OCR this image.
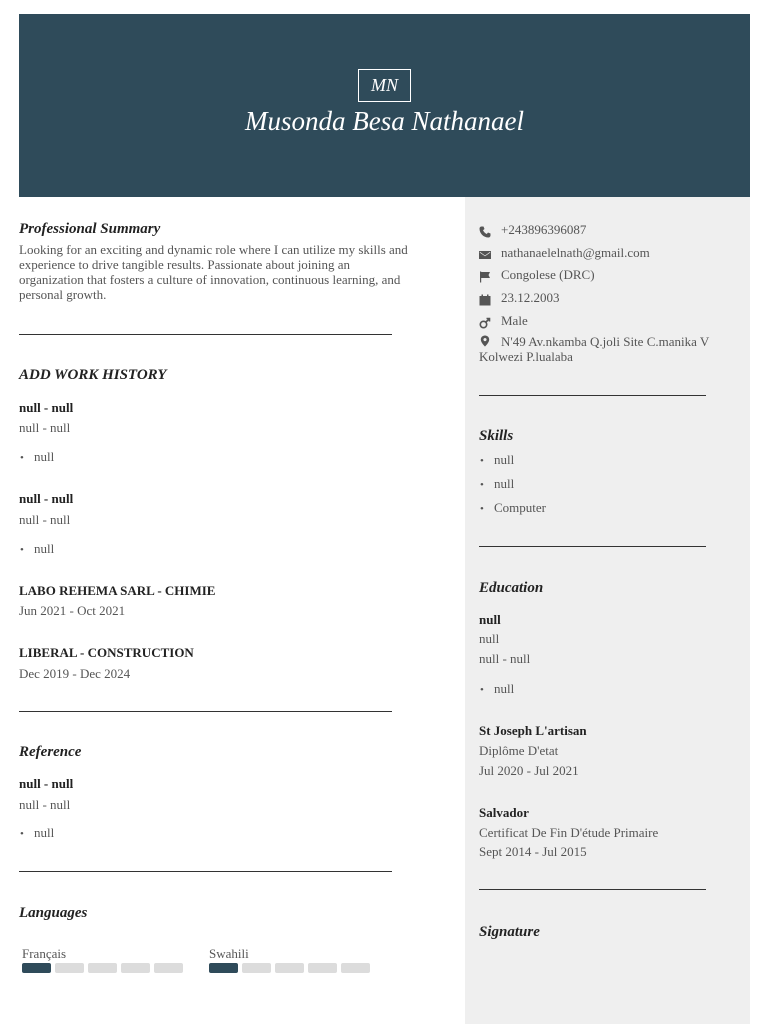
MN
Musonda Besa Nathanael
Professional Summary
Looking for an exciting and dynamic role where I can utilize my skills and experience to drive tangible results. Passionate about joining an organization that fosters a culture of innovation, continuous learning, and personal growth.
ADD WORK HISTORY
null - null
null - null
• null
null - null
null - null
• null
LABO REHEMA SARL - CHIMIE
Jun 2021 - Oct 2021
LIBERAL - CONSTRUCTION
Dec 2019 - Dec 2024
Reference
null - null
null - null
• null
Languages
Français	Swahili
+243896396087
nathanaelelnath@gmail.com
Congolese (DRC)
23.12.2003
Male
N'49 Av.nkamba Q.joli Site C.manika V Kolwezi P.lualaba
Skills
• null
• null
• Computer
Education
null
null
null - null
• null
St Joseph L'artisan
Diplôme D'etat
Jul 2020 - Jul 2021
Salvador
Certificat De Fin D'étude Primaire
Sept 2014 - Jul 2015
Signature
